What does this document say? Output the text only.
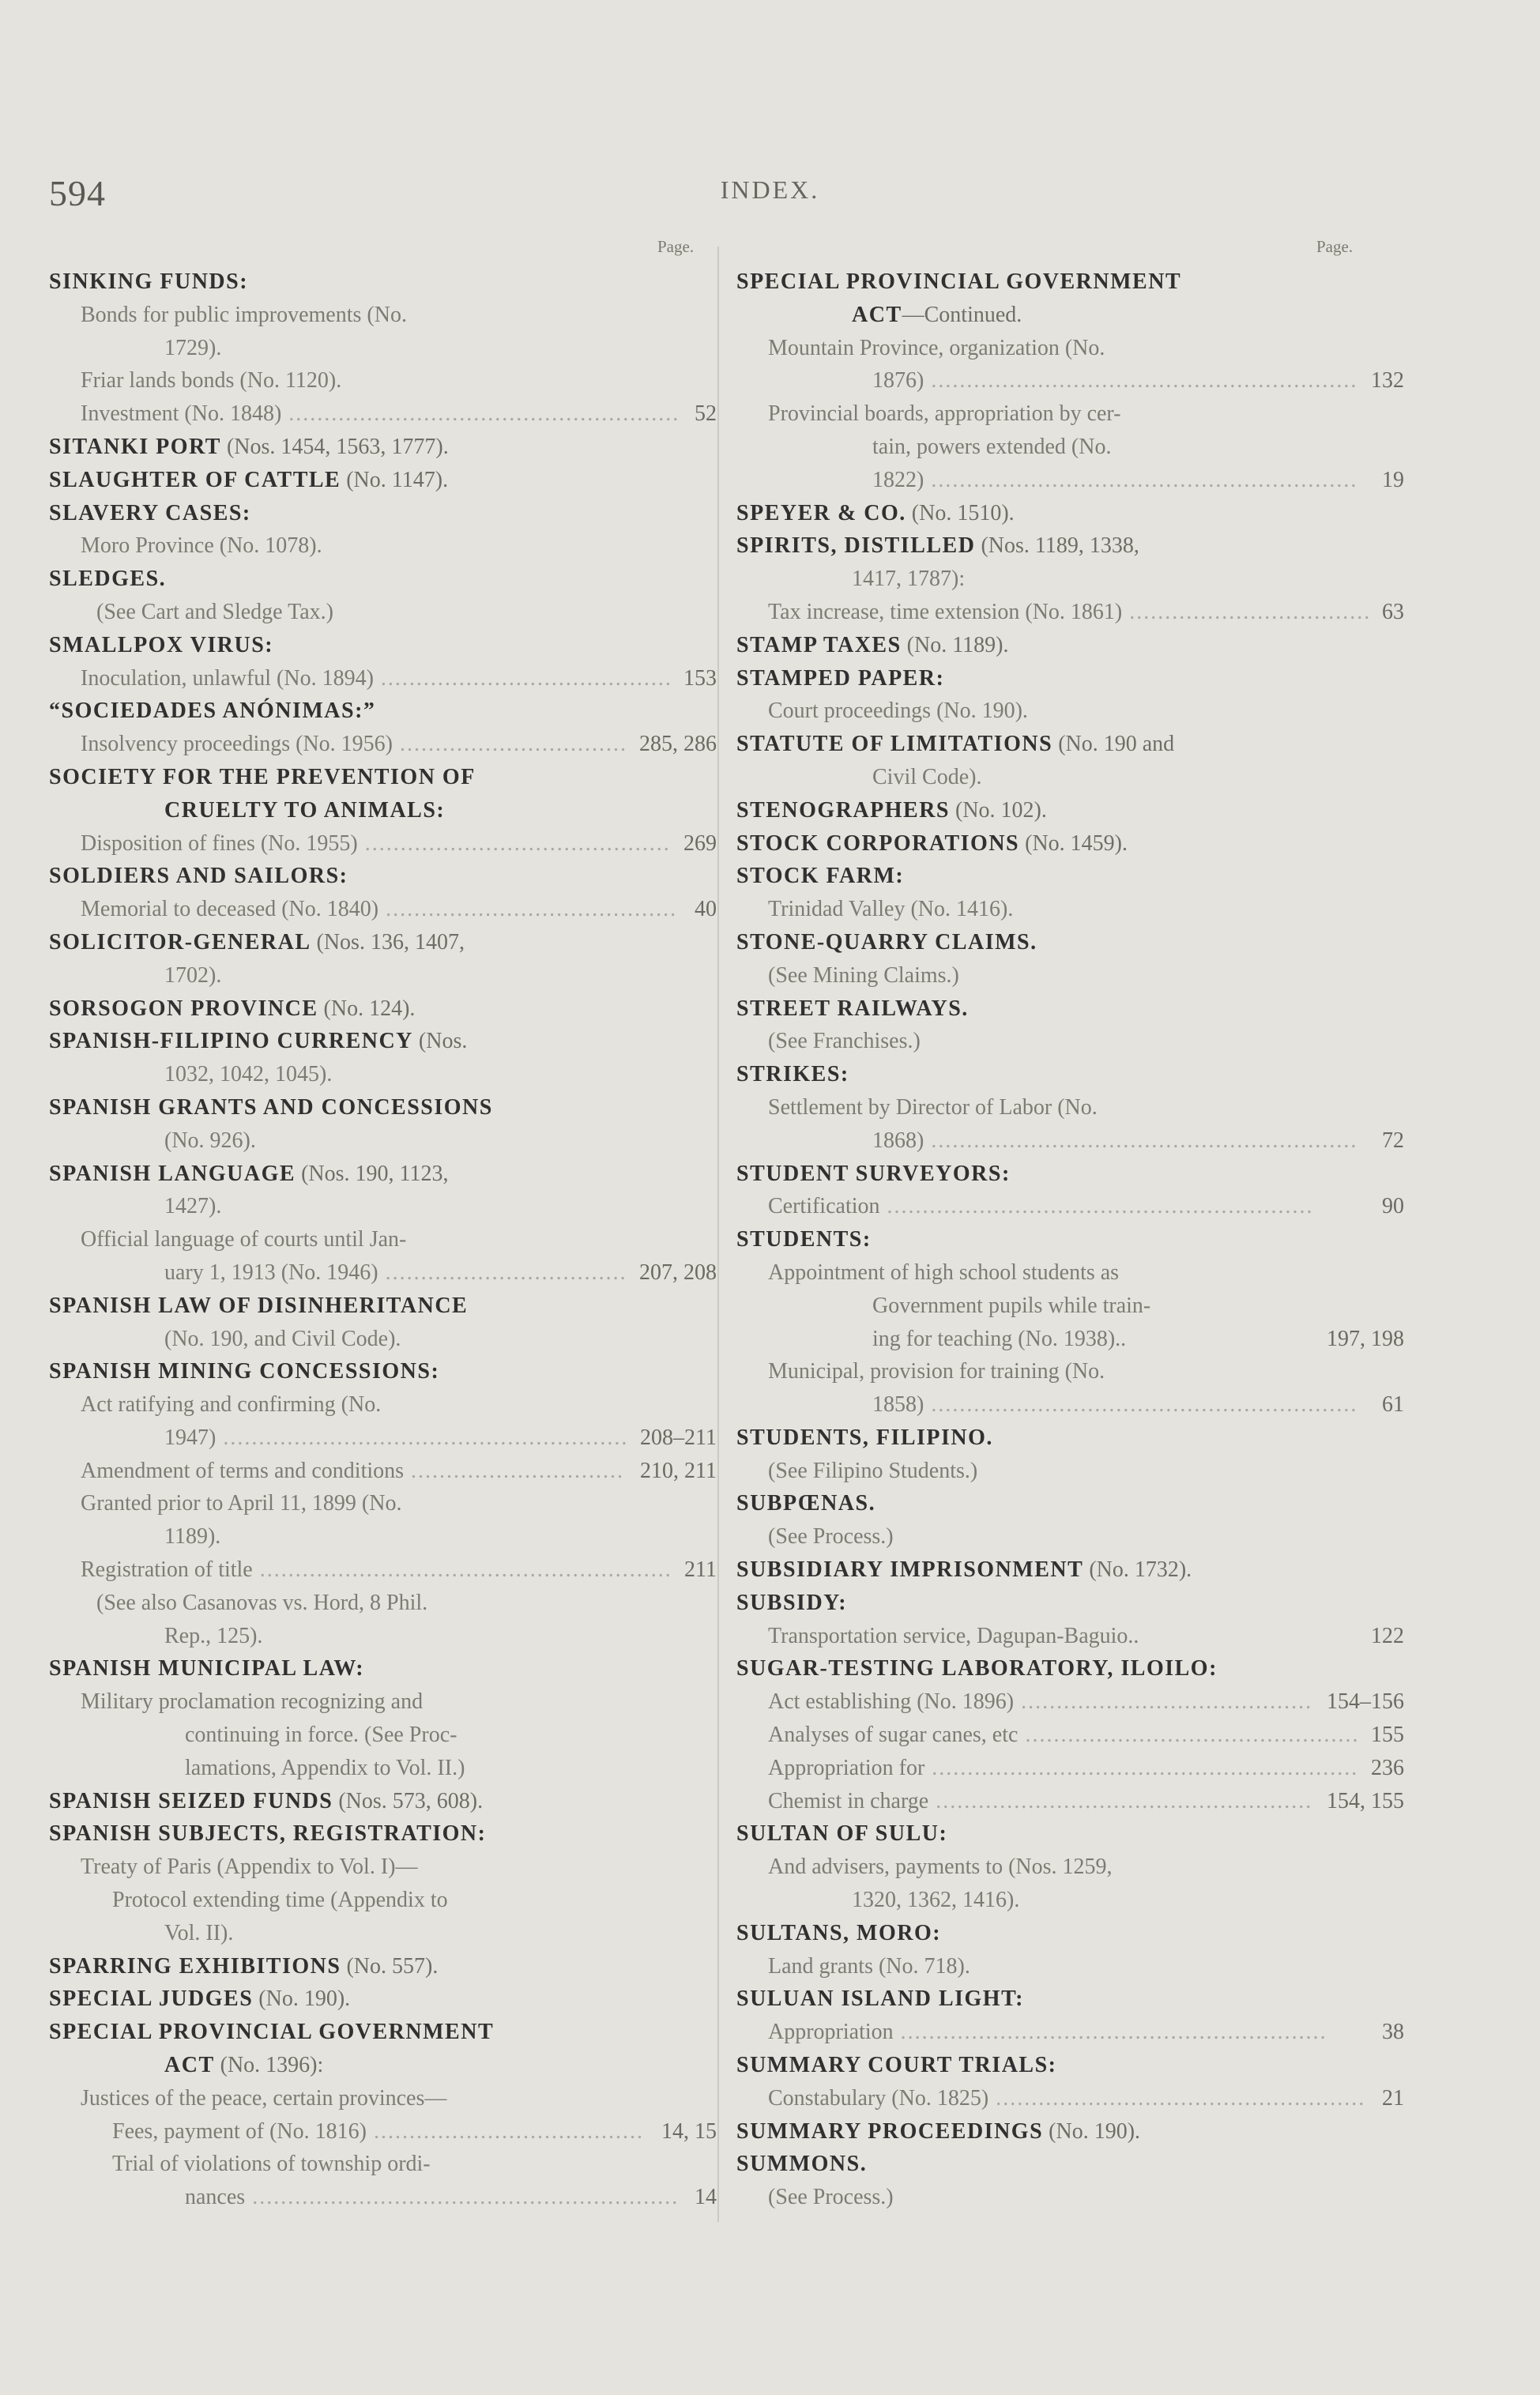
594	INDEX.
Page.	Page.
SINKING FUNDS:
Bonds for public improvements (No.
1729).
Friar lands bonds (No. 1120).
Investment (No. 1848) ....................................................... 52
SITANKI PORT (Nos. 1454, 1563, 1777).
SLAUGHTER OF CATTLE (No. 1147).
SLAVERY CASES:
Moro Province (No. 1078).
SLEDGES.
(See Cart and Sledge Tax.)
SMALLPOX VIRUS:
Inoculation, unlawful (No. 1894) ......................................... 153
“SOCIEDADES ANÓNIMAS:”
Insolvency proceedings (No. 1956) ................................ 285, 286
SOCIETY FOR THE PREVENTION OF
CRUELTY TO ANIMALS:
Disposition of fines (No. 1955) ........................................... 269
SOLDIERS AND SAILORS:
Memorial to deceased (No. 1840) ......................................... 40
SOLICITOR-GENERAL (Nos. 136, 1407,
1702).
SORSOGON PROVINCE (No. 124).
SPANISH-FILIPINO CURRENCY (Nos.
1032, 1042, 1045).
SPANISH GRANTS AND CONCESSIONS
(No. 926).
SPANISH LANGUAGE (Nos. 190, 1123,
1427).
Official language of courts until Jan-
uary 1, 1913 (No. 1946) .................................. 207, 208
SPANISH LAW OF DISINHERITANCE
(No. 190, and Civil Code).
SPANISH MINING CONCESSIONS:
Act ratifying and confirming (No.
1947) ......................................................... 208–211
Amendment of terms and conditions .............................. 210, 211
Granted prior to April 11, 1899 (No.
1189).
Registration of title .......................................................... 211
(See also Casanovas vs. Hord, 8 Phil.
Rep., 125).
SPANISH MUNICIPAL LAW:
Military proclamation recognizing and
continuing in force. (See Proc-
lamations, Appendix to Vol. II.)
SPANISH SEIZED FUNDS (Nos. 573, 608).
SPANISH SUBJECTS, REGISTRATION:
Treaty of Paris (Appendix to Vol. I)—
Protocol extending time (Appendix to
Vol. II).
SPARRING EXHIBITIONS (No. 557).
SPECIAL JUDGES (No. 190).
SPECIAL PROVINCIAL GOVERNMENT
ACT (No. 1396):
Justices of the peace, certain provinces—
Fees, payment of (No. 1816) ...................................... 14, 15
Trial of violations of township ordi-
nances ............................................................ 14
SPECIAL PROVINCIAL GOVERNMENT
ACT—Continued.
Mountain Province, organization (No.
1876) ............................................................ 132
Provincial boards, appropriation by cer-
tain, powers extended (No.
1822) ............................................................ 19
SPEYER & CO. (No. 1510).
SPIRITS, DISTILLED (Nos. 1189, 1338,
1417, 1787):
Tax increase, time extension (No. 1861) .................................. 63
STAMP TAXES (No. 1189).
STAMPED PAPER:
Court proceedings (No. 190).
STATUTE OF LIMITATIONS (No. 190 and
Civil Code).
STENOGRAPHERS (No. 102).
STOCK CORPORATIONS (No. 1459).
STOCK FARM:
Trinidad Valley (No. 1416).
STONE-QUARRY CLAIMS.
(See Mining Claims.)
STREET RAILWAYS.
(See Franchises.)
STRIKES:
Settlement by Director of Labor (No.
1868) ............................................................ 72
STUDENT SURVEYORS:
Certification ............................................................	90
STUDENTS:
Appointment of high school students as
Government pupils while train-
ing for teaching (No. 1938)..	197, 198
Municipal, provision for training (No.
1858) ............................................................ 61
STUDENTS, FILIPINO.
(See Filipino Students.)
SUBPŒNAS.
(See Process.)
SUBSIDIARY IMPRISONMENT (No. 1732).
SUBSIDY:
Transportation service, Dagupan-Baguio..	122
SUGAR-TESTING LABORATORY, ILOILO:
Act establishing (No. 1896) ......................................... 154–156
Analyses of sugar canes, etc ............................................... 155
Appropriation for ............................................................ 236
Chemist in charge ..................................................... 154, 155
SULTAN OF SULU:
And advisers, payments to (Nos. 1259,
1320, 1362, 1416).
SULTANS, MORO:
Land grants (No. 718).
SULUAN ISLAND LIGHT:
Appropriation ............................................................ 38
SUMMARY COURT TRIALS:
Constabulary (No. 1825) .................................................... 21
SUMMARY PROCEEDINGS (No. 190).
SUMMONS.
(See Process.)
